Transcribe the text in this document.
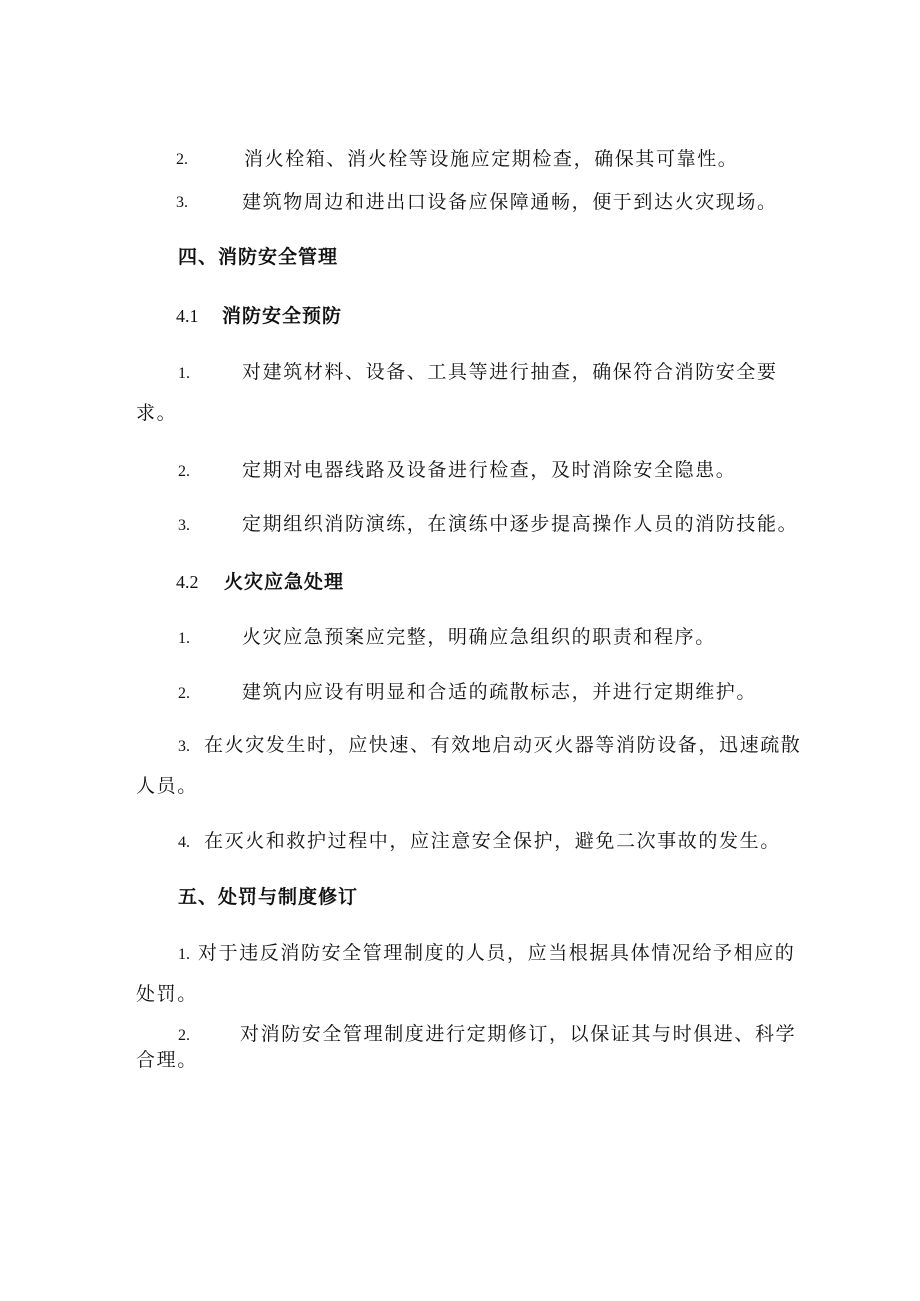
2.	消火栓箱、消火栓等设施应定期检查，确保其可靠性。
3.	建筑物周边和进出口设备应保障通畅，便于到达火灾现场。
四、消防安全管理
4.1 消防安全预防
1.	对建筑材料、设备、工具等进行抽查，确保符合消防安全要
求。
2.	定期对电器线路及设备进行检查，及时消除安全隐患。
3.	定期组织消防演练，在演练中逐步提高操作人员的消防技能。
4.2 火灾应急处理
1.	火灾应急预案应完整，明确应急组织的职责和程序。
2.	建筑内应设有明显和合适的疏散标志，并进行定期维护。
3. 在火灾发生时，应快速、有效地启动灭火器等消防设备，迅速疏散
人员。
4. 在灭火和救护过程中，应注意安全保护，避免二次事故的发生。
五、处罚与制度修订
1. 对于违反消防安全管理制度的人员，应当根据具体情况给予相应的
处罚。
2.	对消防安全管理制度进行定期修订，以保证其与时俱进、科学
合理。
